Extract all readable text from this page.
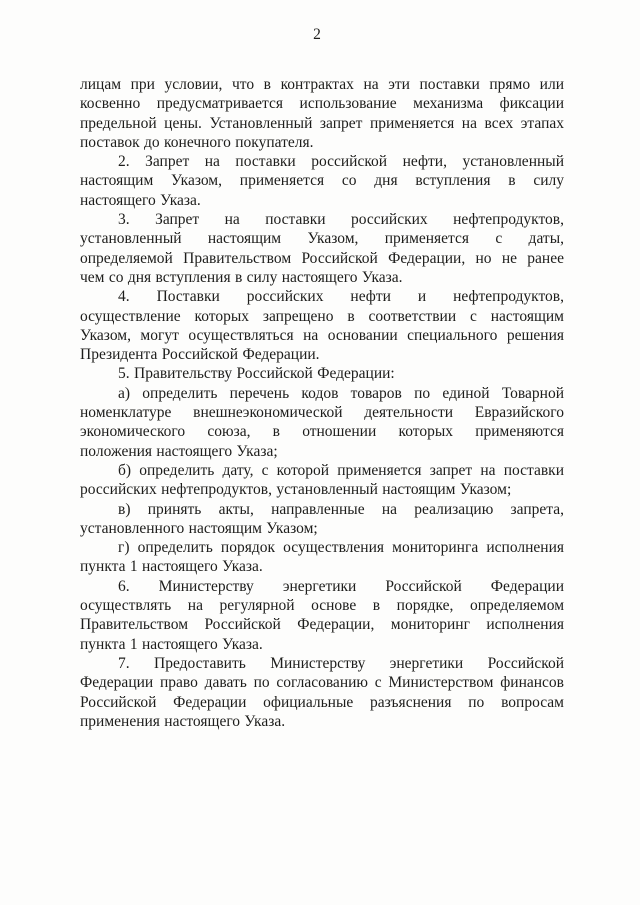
2
лицам при условии, что в контрактах на эти поставки прямо или
косвенно предусматривается использование механизма фиксации
предельной цены. Установленный запрет применяется на всех этапах
поставок до конечного покупателя.
2. Запрет на поставки российской нефти, установленный
настоящим Указом, применяется со дня вступления в силу
настоящего Указа.
3. Запрет на поставки российских нефтепродуктов,
установленный настоящим Указом, применяется с даты,
определяемой Правительством Российской Федерации, но не ранее
чем со дня вступления в силу настоящего Указа.
4. Поставки российских нефти и нефтепродуктов,
осуществление которых запрещено в соответствии с настоящим
Указом, могут осуществляться на основании специального решения
Президента Российской Федерации.
5. Правительству Российской Федерации:
а) определить перечень кодов товаров по единой Товарной
номенклатуре внешнеэкономической деятельности Евразийского
экономического союза, в отношении которых применяются
положения настоящего Указа;
б) определить дату, с которой применяется запрет на поставки
российских нефтепродуктов, установленный настоящим Указом;
в) принять акты, направленные на реализацию запрета,
установленного настоящим Указом;
г) определить порядок осуществления мониторинга исполнения
пункта 1 настоящего Указа.
6. Министерству энергетики Российской Федерации
осуществлять на регулярной основе в порядке, определяемом
Правительством Российской Федерации, мониторинг исполнения
пункта 1 настоящего Указа.
7. Предоставить Министерству энергетики Российской
Федерации право давать по согласованию с Министерством финансов
Российской Федерации официальные разъяснения по вопросам
применения настоящего Указа.
